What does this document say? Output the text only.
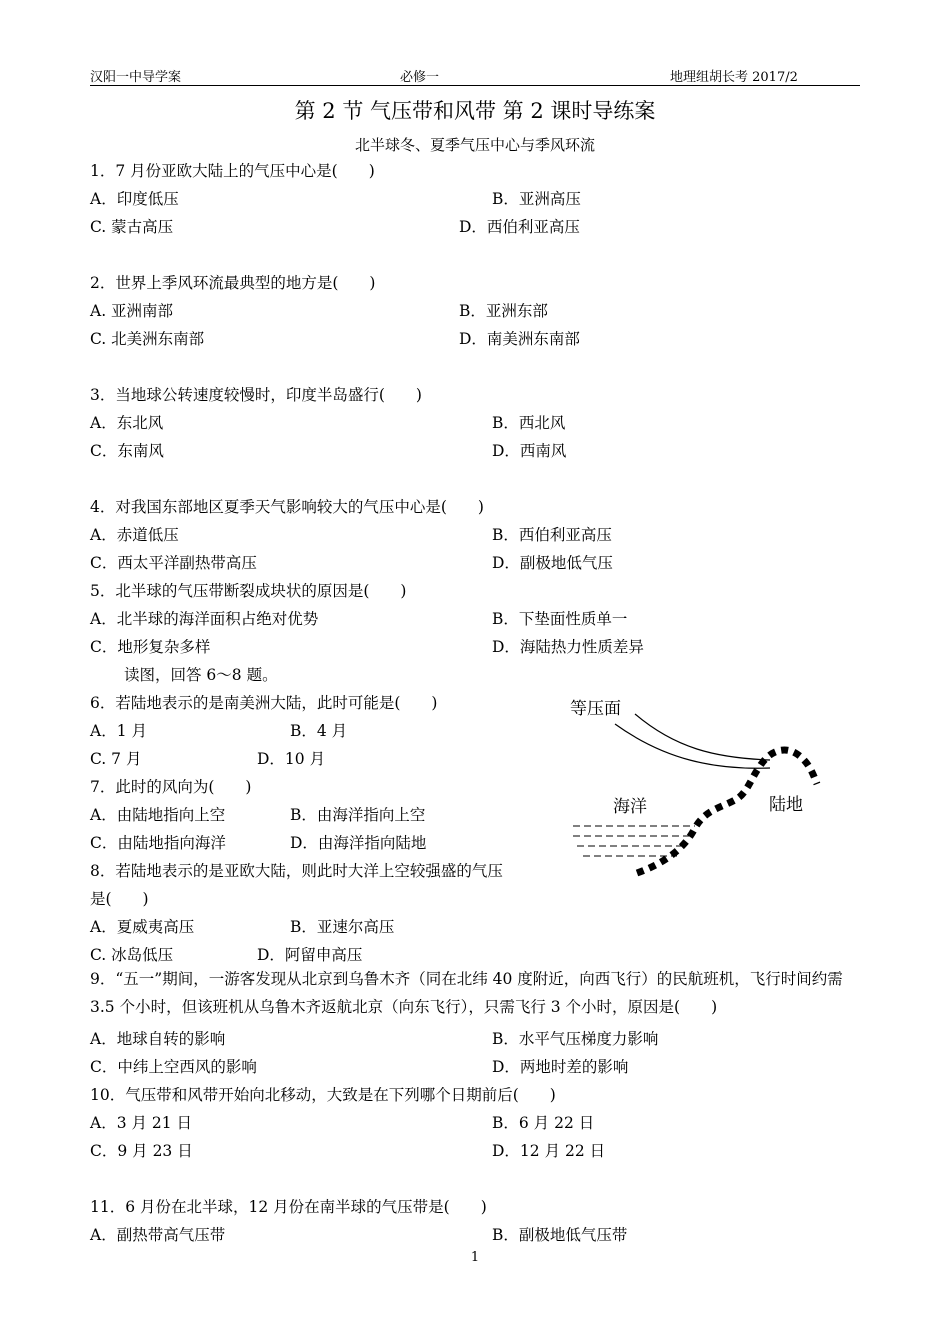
汉阳一中导学案	必修一	地理组胡长考 2017/2
第 2 节 气压带和风带 第 2 课时导练案
北半球冬、夏季气压中心与季风环流
1．7 月份亚欧大陆上的气压中心是(　　)
A．印度低压	B．亚洲高压
C. 蒙古高压	D．西伯利亚高压
2．世界上季风环流最典型的地方是(　　)
A. 亚洲南部	B．亚洲东部
C. 北美洲东南部	D．南美洲东南部
3．当地球公转速度较慢时，印度半岛盛行(　　)
A．东北风	B．西北风
C．东南风	D．西南风
4．对我国东部地区夏季天气影响较大的气压中心是(　　)
A．赤道低压	B．西伯利亚高压
C．西太平洋副热带高压	D．副极地低气压
5．北半球的气压带断裂成块状的原因是(　　)
A．北半球的海洋面积占绝对优势	B．下垫面性质单一
C．地形复杂多样	D．海陆热力性质差异
读图，回答 6～8 题。
6．若陆地表示的是南美洲大陆，此时可能是(　　)
A．1 月	B．4 月
C. 7 月	D．10 月
7．此时的风向为(　　)
A．由陆地指向上空	B．由海洋指向上空
C．由陆地指向海洋	D．由海洋指向陆地
8．若陆地表示的是亚欧大陆，则此时大洋上空较强盛的气压
是(　　)
A．夏威夷高压	B．亚速尔高压
C. 冰岛低压	D．阿留申高压
9．“五一”期间，一游客发现从北京到乌鲁木齐（同在北纬 40 度附近，向西飞行）的民航班机，飞行时间约需 3.5 个小时，但该班机从乌鲁木齐返航北京（向东飞行），只需飞行 3 个小时，原因是(　　)
A．地球自转的影响	B．水平气压梯度力影响
C．中纬上空西风的影响	D．两地时差的影响
10．气压带和风带开始向北移动，大致是在下列哪个日期前后(　　)
A．3 月 21 日	B．6 月 22 日
C．9 月 23 日	D．12 月 22 日
11．6 月份在北半球，12 月份在南半球的气压带是(　　)
A．副热带高气压带	B．副极地低气压带
等压面
海洋	陆地
1
